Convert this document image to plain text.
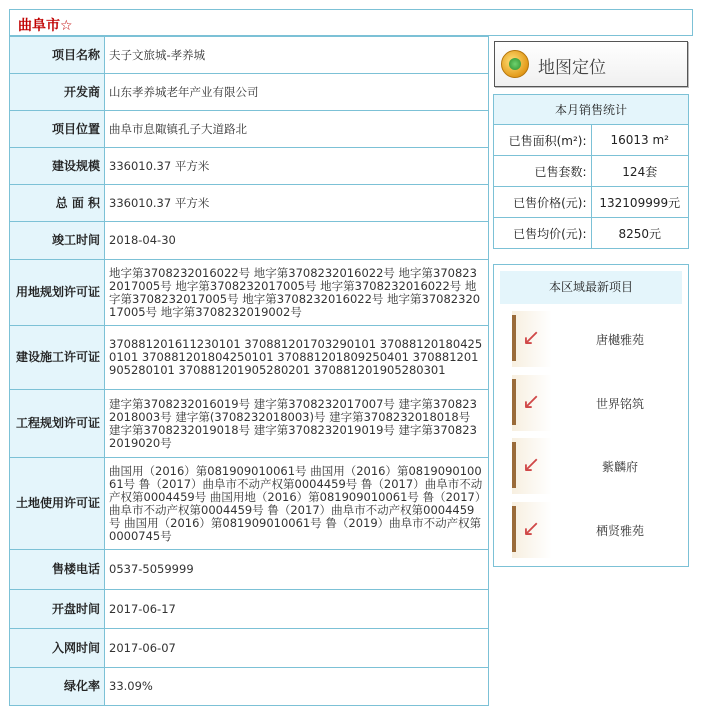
曲阜市☆
项目名称	夫子文旅城-孝养城
开发商	山东孝养城老年产业有限公司
项目位置	曲阜市息陬镇孔子大道路北
建设规模	336010.37 平方米
总 面 积	336010.37 平方米
竣工时间	2018-04-30
用地规划许可证	地字第3708232016022号 地字第3708232016022号 地字第3708232017005号 地字第3708232017005号 地字第3708232016022号 地字第3708232017005号 地字第3708232016022号 地字第3708232017005号 地字第3708232019002号
建设施工许可证	370881201611230101 370881201703290101 370881201804250101 370881201804250101 370881201809250401 370881201905280101 370881201905280201 370881201905280301
工程规划许可证	建字第3708232016019号 建字第3708232017007号 建字第3708232018003号 建字第(3708232018003)号 建字第3708232018018号 建字第3708232019018号 建字第3708232019019号 建字第3708232019020号
土地使用许可证	曲国用（2016）第081909010061号 曲国用（2016）第081909010061号 鲁（2017）曲阜市不动产权第0004459号 鲁（2017）曲阜市不动产权第0004459号 曲国用地（2016）第081909010061号 鲁（2017）曲阜市不动产权第0004459号 鲁（2017）曲阜市不动产权第0004459号 曲国用（2016）第081909010061号 鲁（2019）曲阜市不动产权第0000745号
售楼电话	0537-5059999
开盘时间	2017-06-17
入网时间	2017-06-07
绿化率	33.09%
地图定位
本月销售统计	
已售面积(m²):	16013 m²
已售套数:	124套
已售价格(元):	132109999元
已售均价(元):	8250元
本区域最新项目
↗
唐樾雅苑
↗
世界铭筑
↗
紫麟府
↗
栖贤雅苑
